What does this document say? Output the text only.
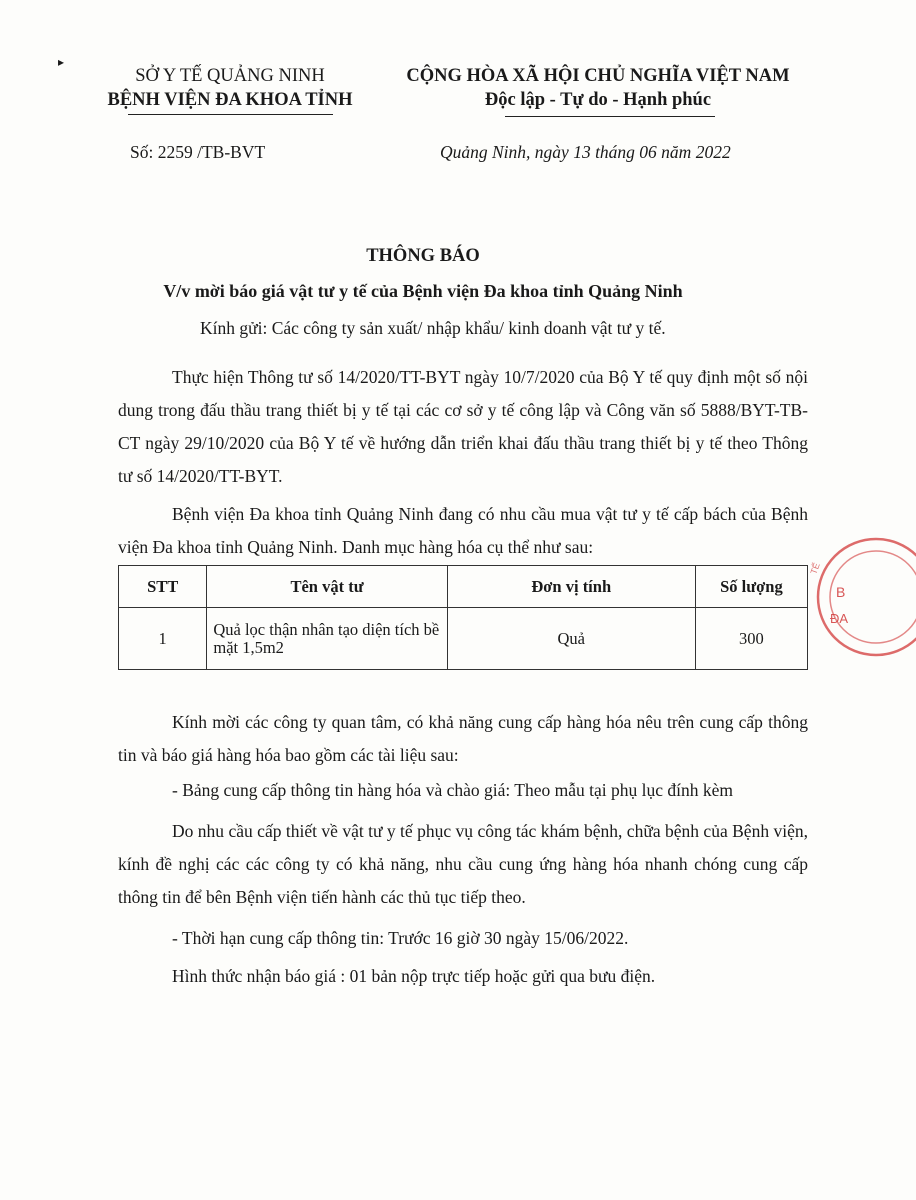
▸
SỞ Y TẾ QUẢNG NINH
BỆNH VIỆN ĐA KHOA TỈNH
CỘNG HÒA XÃ HỘI CHỦ NGHĨA VIỆT NAM
Độc lập - Tự do - Hạnh phúc
Số: 2259 /TB-BVT	Quảng Ninh, ngày 13 tháng 06 năm 2022
THÔNG BÁO
V/v mời báo giá vật tư y tế của Bệnh viện Đa khoa tỉnh Quảng Ninh
Kính gửi: Các công ty sản xuất/ nhập khẩu/ kinh doanh vật tư y tế.
Thực hiện Thông tư số 14/2020/TT-BYT ngày 10/7/2020 của Bộ Y tế quy định một số nội dung trong đấu thầu trang thiết bị y tế tại các cơ sở y tế công lập và Công văn số 5888/BYT-TB-CT ngày 29/10/2020 của Bộ Y tế về hướng dẫn triển khai đấu thầu trang thiết bị y tế theo Thông tư số 14/2020/TT-BYT.
Bệnh viện Đa khoa tỉnh Quảng Ninh đang có nhu cầu mua vật tư y tế cấp bách của Bệnh viện Đa khoa tỉnh Quảng Ninh. Danh mục hàng hóa cụ thể như sau:
STT	Tên vật tư	Đơn vị tính	Số lượng
1	Quả lọc thận nhân tạo diện tích bề mặt 1,5m2	Quả	300
Kính mời các công ty quan tâm, có khả năng cung cấp hàng hóa nêu trên cung cấp thông tin và báo giá hàng hóa bao gồm các tài liệu sau:
- Bảng cung cấp thông tin hàng hóa và chào giá: Theo mẫu tại phụ lục đính kèm
Do nhu cầu cấp thiết về vật tư y tế phục vụ công tác khám bệnh, chữa bệnh của Bệnh viện, kính đề nghị các các công ty có khả năng, nhu cầu cung ứng hàng hóa nhanh chóng cung cấp thông tin để bên Bệnh viện tiến hành các thủ tục tiếp theo.
- Thời hạn cung cấp thông tin: Trước 16 giờ 30 ngày 15/06/2022.
Hình thức nhận báo giá : 01 bản nộp trực tiếp hoặc gửi qua bưu điện.
B
ĐA
TẾ
